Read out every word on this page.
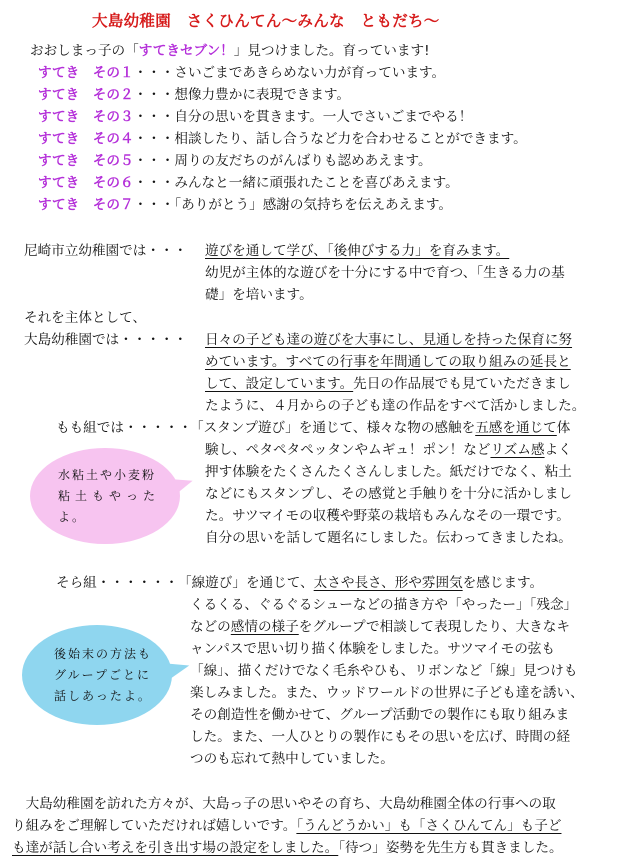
大島幼稚園　さくひんてん〜みんな　ともだち〜
おおしまっ子の「すてきセブン！」見つけました。育っています!
すてき　その１・・・さいごまであきらめない力が育っています。
すてき　その２・・・想像力豊かに表現できます。
すてき　その３・・・自分の思いを貫きます。一人でさいごまでやる！
すてき　その４・・・相談したり、話し合うなど力を合わせることができます。
すてき　その５・・・周りの友だちのがんばりも認めあえます。
すてき　その６・・・みんなと一緒に頑張れたことを喜びあえます。
すてき　その７・・・「ありがとう」感謝の気持ちを伝えあえます。
尼崎市立幼稚園では・・・ 遊びを通して学び、「後伸びする力」を育みます。
幼児が主体的な遊びを十分にする中で育つ、「生きる力の基
礎」を培います。
それを主体として、
大島幼稚園では・・・・・ 日々の子ども達の遊びを大事にし、見通しを持った保育に努
めています。すべての行事を年間通しての取り組みの延長と
して、設定しています。先日の作品展でも見ていただきまし
たように、４月からの子ども達の作品をすべて活かしました。
もも組では・・・・・
「スタンプ遊び」を通じて、様々な物の感触を五感を通じて体
験し、ペタペタペッタンやムギュ！ポン！などリズム感よく
押す体験をたくさんたくさんしました。紙だけでなく、粘土
などにもスタンプし、その感覚と手触りを十分に活かしまし
た。サツマイモの収穫や野菜の栽培もみんなその一環です。
自分の思いを話して題名にしました。伝わってきましたね。
水粘土や小麦粉
粘土もやった
よ。
そら組・・・・・・ 「線遊び」を通じて、太さや長さ、形や雰囲気を感じます。
くるくる、ぐるぐるシューなどの描き方や「やったー」「残念」
などの感情の様子をグループで相談して表現したり、大きなキ
ャンパスで思い切り描く体験をしました。サツマイモの弦も
「線」、描くだけでなく毛糸やひも、リボンなど「線」見つけも
楽しみました。また、ウッドワールドの世界に子ども達を誘い、
その創造性を働かせて、グループ活動での製作にも取り組みま
した。また、一人ひとりの製作にもその思いを広げ、時間の経
つのも忘れて熱中していました。
後始末の方法も
グループごとに
話しあったよ。
　大島幼稚園を訪れた方々が、大島っ子の思いやその育ち、大島幼稚園全体の行事への取
り組みをご理解していただければ嬉しいです。「うんどうかい」も「さくひんてん」も子ど
も達が話し合い考えを引き出す場の設定をしました。「待つ」姿勢を先生方も貫きました。
